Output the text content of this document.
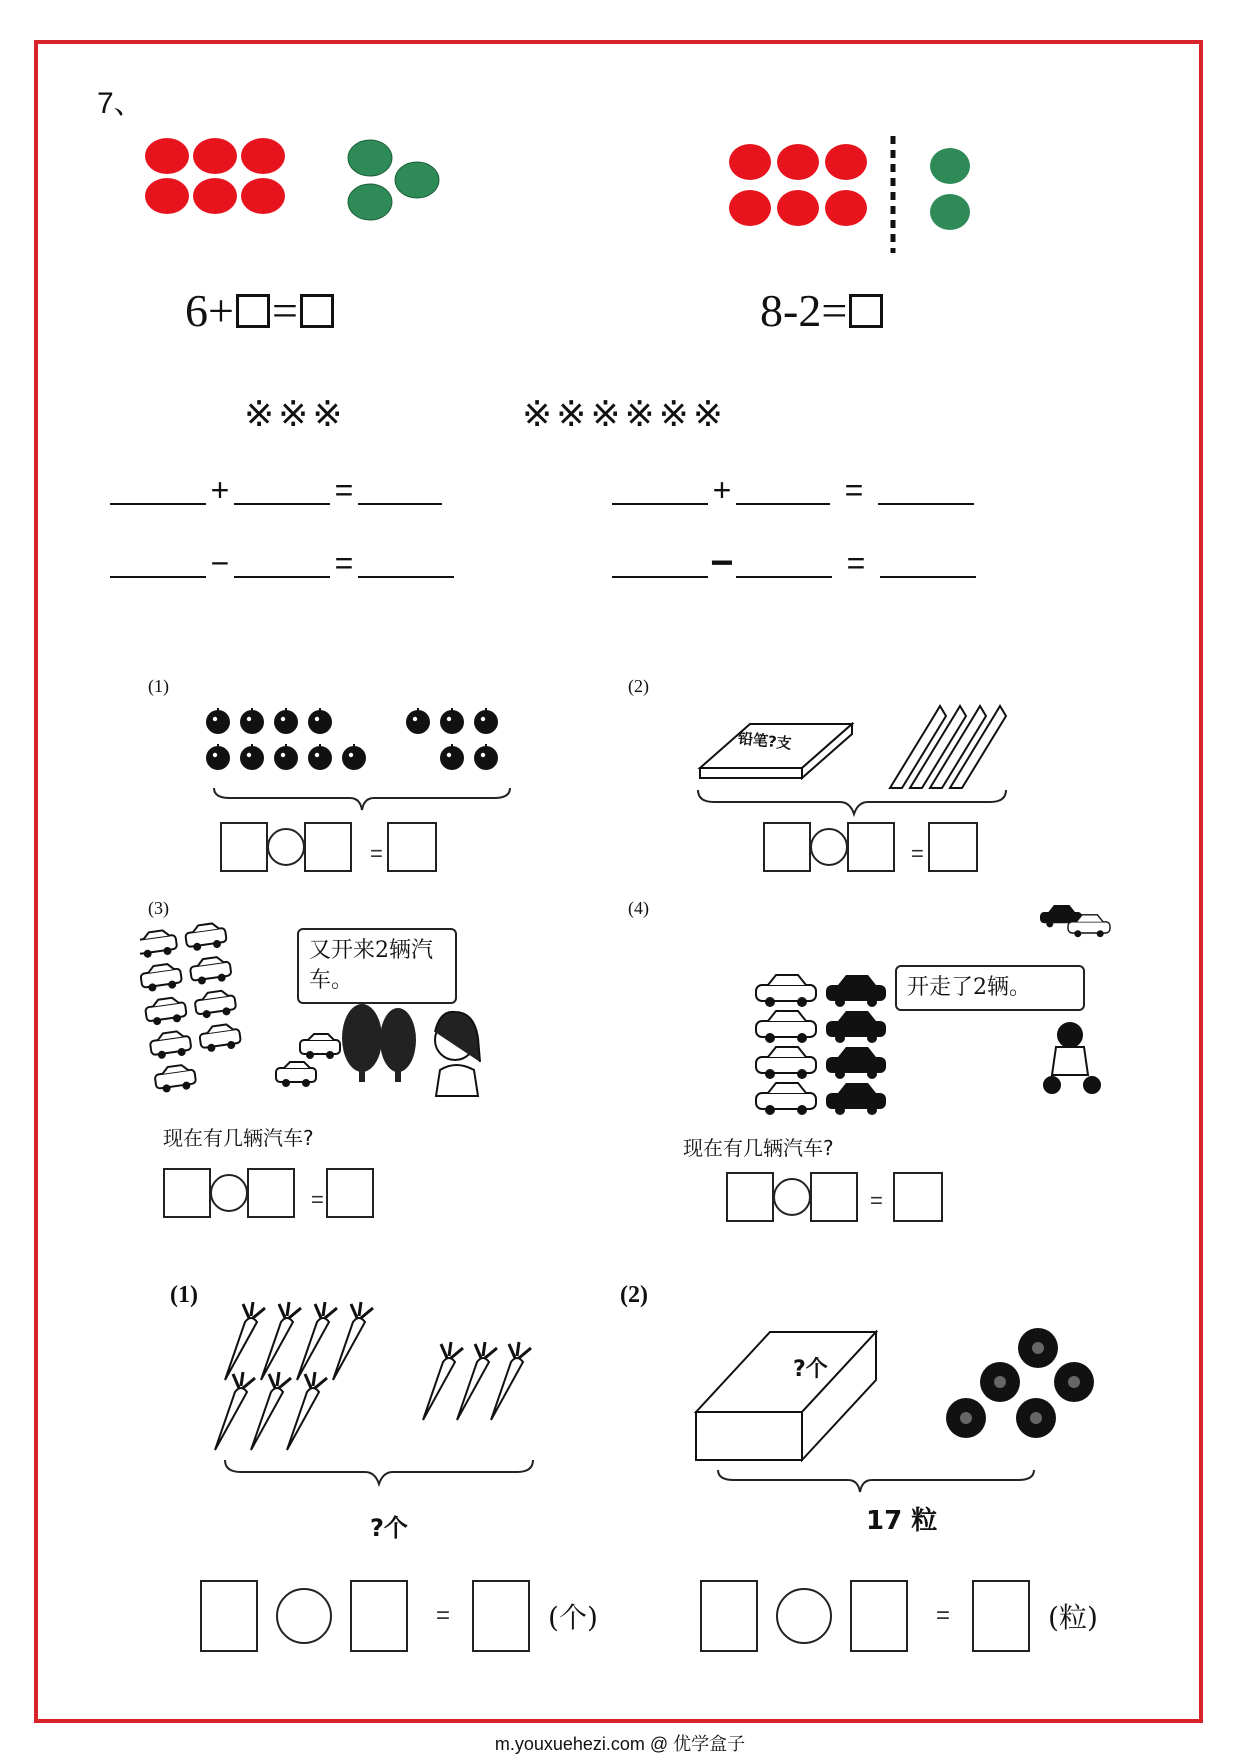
7、
6+ =	8-2=
※※※	※※※※※※
+	=
−	=
+	=
−	=
(1)
=
(2)
铅笔?支
=
(3)
又开来2辆汽车。
现在有几辆汽车?
=
(4)
开走了2辆。
现在有几辆汽车?
=
(1)
?个
=	(个)
(2)
?个
17 粒
=	(粒)
m.youxuehezi.com @ 优学盒子
